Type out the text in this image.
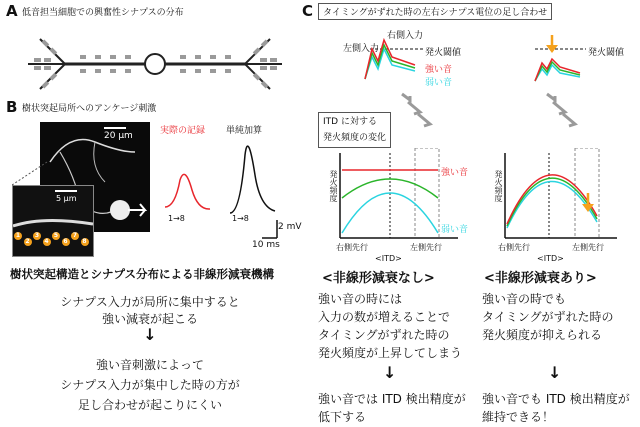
A 低音担当細胞での興奮性シナプスの分布
B 樹状突起局所へのアンケージ刺激
20 μm
5 μm
1
2
3
4
5
6
7
8
実際の記録 単純加算
1→8	1→8
2 mV
10 ms
樹状突起構造とシナプス分布による非線形減衰機構
シナプス入力が局所に集中すると
強い減衰が起こる
↓
強い音刺激によって
シナプス入力が集中した時の方が
足し合わせが起こりにくい
C	タイミングがずれた時の左右シナプス電位の足し合わせ
左側入力
右側入力
発火閾値	発火閾値
強い音
弱い音
ITD に対する
発火頻度の変化
発火頻度	強い音
弱い音
右側先行
<ITD>
左側先行
発火頻度
右側先行
<ITD>
左側先行
<非線形減衰なし>
強い音の時には
入力の数が増えることで
タイミングがずれた時の
発火頻度が上昇してしまう
↓
強い音では ITD 検出精度が
低下する
<非線形減衰あり>
強い音の時でも
タイミングがずれた時の
発火頻度が抑えられる
↓
強い音でも ITD 検出精度が
維持できる！
